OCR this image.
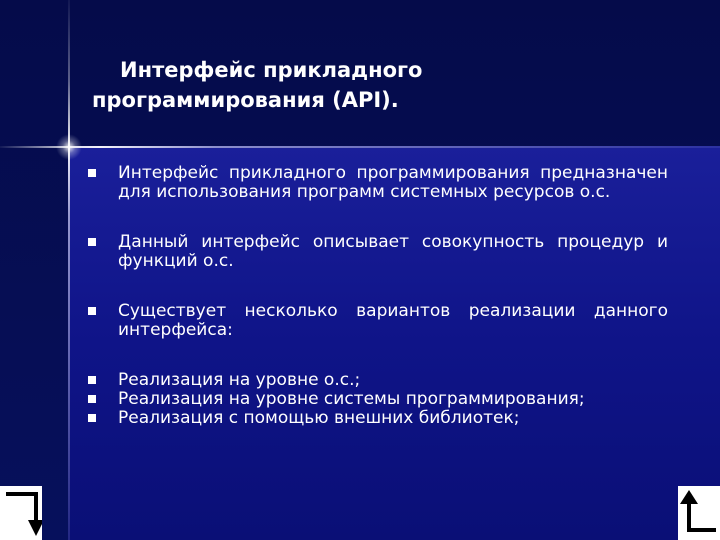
Интерфейс прикладного
программирования (API).
Интерфейс прикладного программирования предназначен для использования программ системных ресурсов о.с.
Данный интерфейс описывает совокупность процедур и функций о.с.
Существует несколько вариантов реализации данного интерфейса:
Реализация на уровне о.с.;
Реализация на уровне системы программирования;
Реализация с помощью внешних библиотек;
